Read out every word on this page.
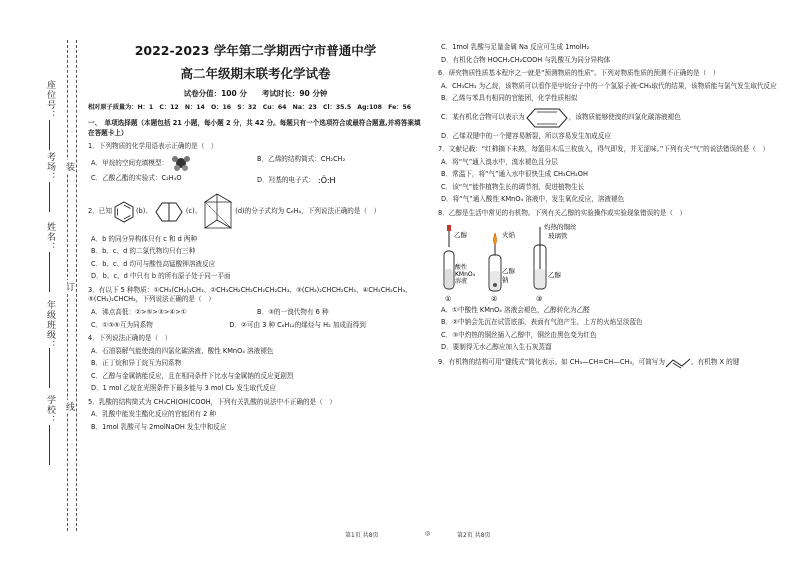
座位号：
考场：
姓名：
年级班级：
学校：
装
订
线
2022-2023 学年第二学期西宁市普通中学
高二年级期末联考化学试卷
试卷分值：100 分　　考试时长：90 分钟
相对原子质量为：H：1　C：12　N：14　O：16　S：32　Cu：64　Na：23　Cl：35.5　Ag:108　Fe：56
一、　单项选择题（本题包括 21 小题，每小题 2 分，共 42 分。每题只有一个选项符合或最符合题意,并将答案填在答题卡上）
1．下列物质的化学用语表示正确的是（　）
A．甲烷的空间充填模型：	B．乙烯的结构简式：CH₂CH₂
C．乙酸乙酯的实验式：C₂H₄O	D．羟基的电子式： :Ö:H
2．已知	(b)、	(c)、	(d)的分子式均为 C₆H₆，下列说法正确的是（　）
A．b 的同分异构体只有 c 和 d 两种
B．b、c、d 的二氯代物均只有三种
C．b、c、d 均可与酸性高锰酸钾溶液反应
D．b、c、d 中只有 b 的所有原子处于同一平面
3．有以下 5 种物质：①CH₃(CH₂)₃CH₃、②CH₃CH₂CH₂CH₂CH₂CH₃、③(CH₃)₂CHCH₂CH₃、④CH₃CH₂CH₃、⑤(CH₃)₂CHCH₃，下列说法正确的是（　）
A．沸点高低：②>⑤>③>④>①	B．③的一溴代物有 6 种
C．①③⑤互为同系物	D．②可由 3 种 C₆H₁₂的烯烃与 H₂ 加成而得到
4．下列说法正确的是（　）
A．石油裂解气能使溴的四氯化碳溶液、酸性 KMnO₄ 溶液褪色
B．正丁烷和异丁烷互为同系物
C．乙醇与金属钠能反应，且在相同条件下比水与金属钠的反应更剧烈
D．1 mol 乙烷在光照条件下最多能与 3 mol Cl₂ 发生取代反应
5．乳酸的结构简式为 CH₃CH(OH)COOH，下列有关乳酸的说法中不正确的是（　）
A．乳酸中能发生酯化反应的官能团有 2 种
B．1mol 乳酸可与 2molNaOH 发生中和反应
C．1mol 乳酸与足量金属 Na 反应可生成 1molH₂
D．有机化合物 HOCH₂CH₂COOH 与乳酸互为同分异构体
6．研究物质性质基本程序之一就是“预测物质的性质”。下列对物质性质的预测不正确的是（　）
A．CH₃CH₃ 为乙烷，该物质可以看作是甲烷分子中的一个氢原子被-CH₃取代的结果，该物质能与氯气发生取代反应
B．乙烯与苯具有相同的官能团，化学性质相似
C．某有机化合物可以表示为	，该物质能够使溴的四氯化碳溶液褪色
D．乙烯双键中的一个键容易断裂，所以容易发生加成反应
7．文献记载：“红柿摘下未熟，每篮用木瓜三枚放入，得气即发，并无涩味。”下列有关“气”的说法错误的是（　）
A．将“气”通入溴水中，溴水褪色且分层
B．常温下，将“气”通入水中很快生成 CH₃CH₂OH
C．该“气”能作植物生长的调节剂，促进植物生长
D．将“气”通入酸性 KMnO₄ 溶液中，发生氧化反应，溶液褪色
8．乙醇是生活中常见的有机物。下列有关乙醇的实验操作或实验现象错误的是（　）
乙醇
酸性
KMnO₄
溶液
火焰
乙醇
钠
灼热的铜丝
玻璃管
乙醇
①	②	③
A．①中酸性 KMnO₄ 溶液会褪色，乙醇转化为乙醛
B．②中钠会先沉在试管底部，表面有气泡产生，上方的火焰呈淡蓝色
C．③中灼热的铜丝插入乙醇中，铜丝由黑色变为红色
D．要制得无水乙醇应加入生石灰蒸馏
9．有机物的结构可用“键线式”简化表示。如 CH₃—CH=CH—CH₃，可简写为	。有机物 X 的键
第1页 共8页	◎	第2页 共8页
